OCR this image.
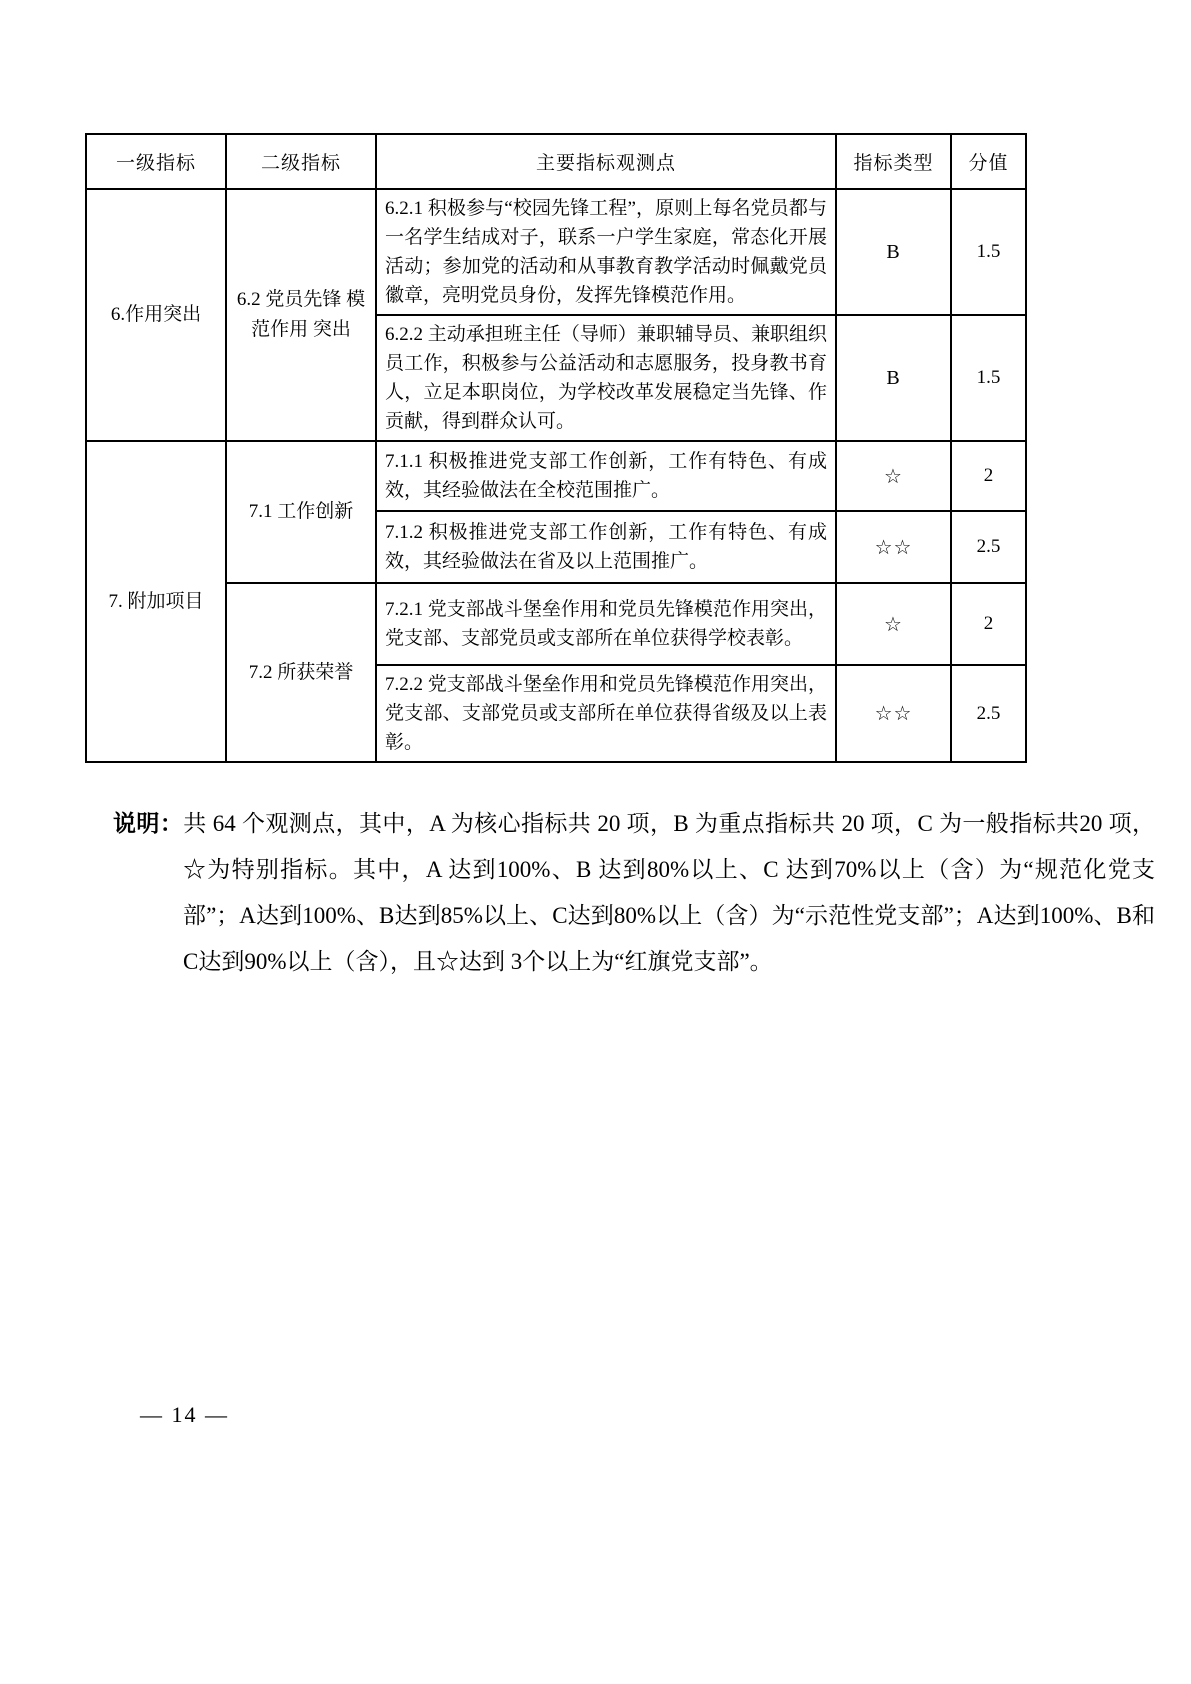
一级指标	二级指标	主要指标观测点	指标类型	分值
6.作用突出	6.2 党员先锋 模范作用 突出	6.2.1 积极参与“校园先锋工程”，原则上每名党员都与一名学生结成对子，联系一户学生家庭，常态化开展活动；参加党的活动和从事教育教学活动时佩戴党员徽章，亮明党员身份，发挥先锋模范作用。	B	1.5
		6.2.2 主动承担班主任（导师）兼职辅导员、兼职组织员工作，积极参与公益活动和志愿服务，投身教书育人，立足本职岗位，为学校改革发展稳定当先锋、作贡献，得到群众认可。	B	1.5
7. 附加项目	7.1 工作创新	7.1.1 积极推进党支部工作创新，工作有特色、有成效，其经验做法在全校范围推广。	☆	2
		7.1.2 积极推进党支部工作创新，工作有特色、有成效，其经验做法在省及以上范围推广。	☆☆	2.5
	7.2 所获荣誉	7.2.1 党支部战斗堡垒作用和党员先锋模范作用突出，党支部、支部党员或支部所在单位获得学校表彰。	☆	2
		7.2.2 党支部战斗堡垒作用和党员先锋模范作用突出，党支部、支部党员或支部所在单位获得省级及以上表彰。	☆☆	2.5
说明：共 64 个观测点，其中，A 为核心指标共 20 项，B 为重点指标共 20 项，C 为一般指标共20 项，☆为特别指标。其中，A 达到100%、B 达到80%以上、C 达到70%以上（含）为“规范化党支部”；A达到100%、B达到85%以上、C达到80%以上（含）为“示范性党支部”；A达到100%、B和C达到90%以上（含），且☆达到 3个以上为“红旗党支部”。
— 14 —
